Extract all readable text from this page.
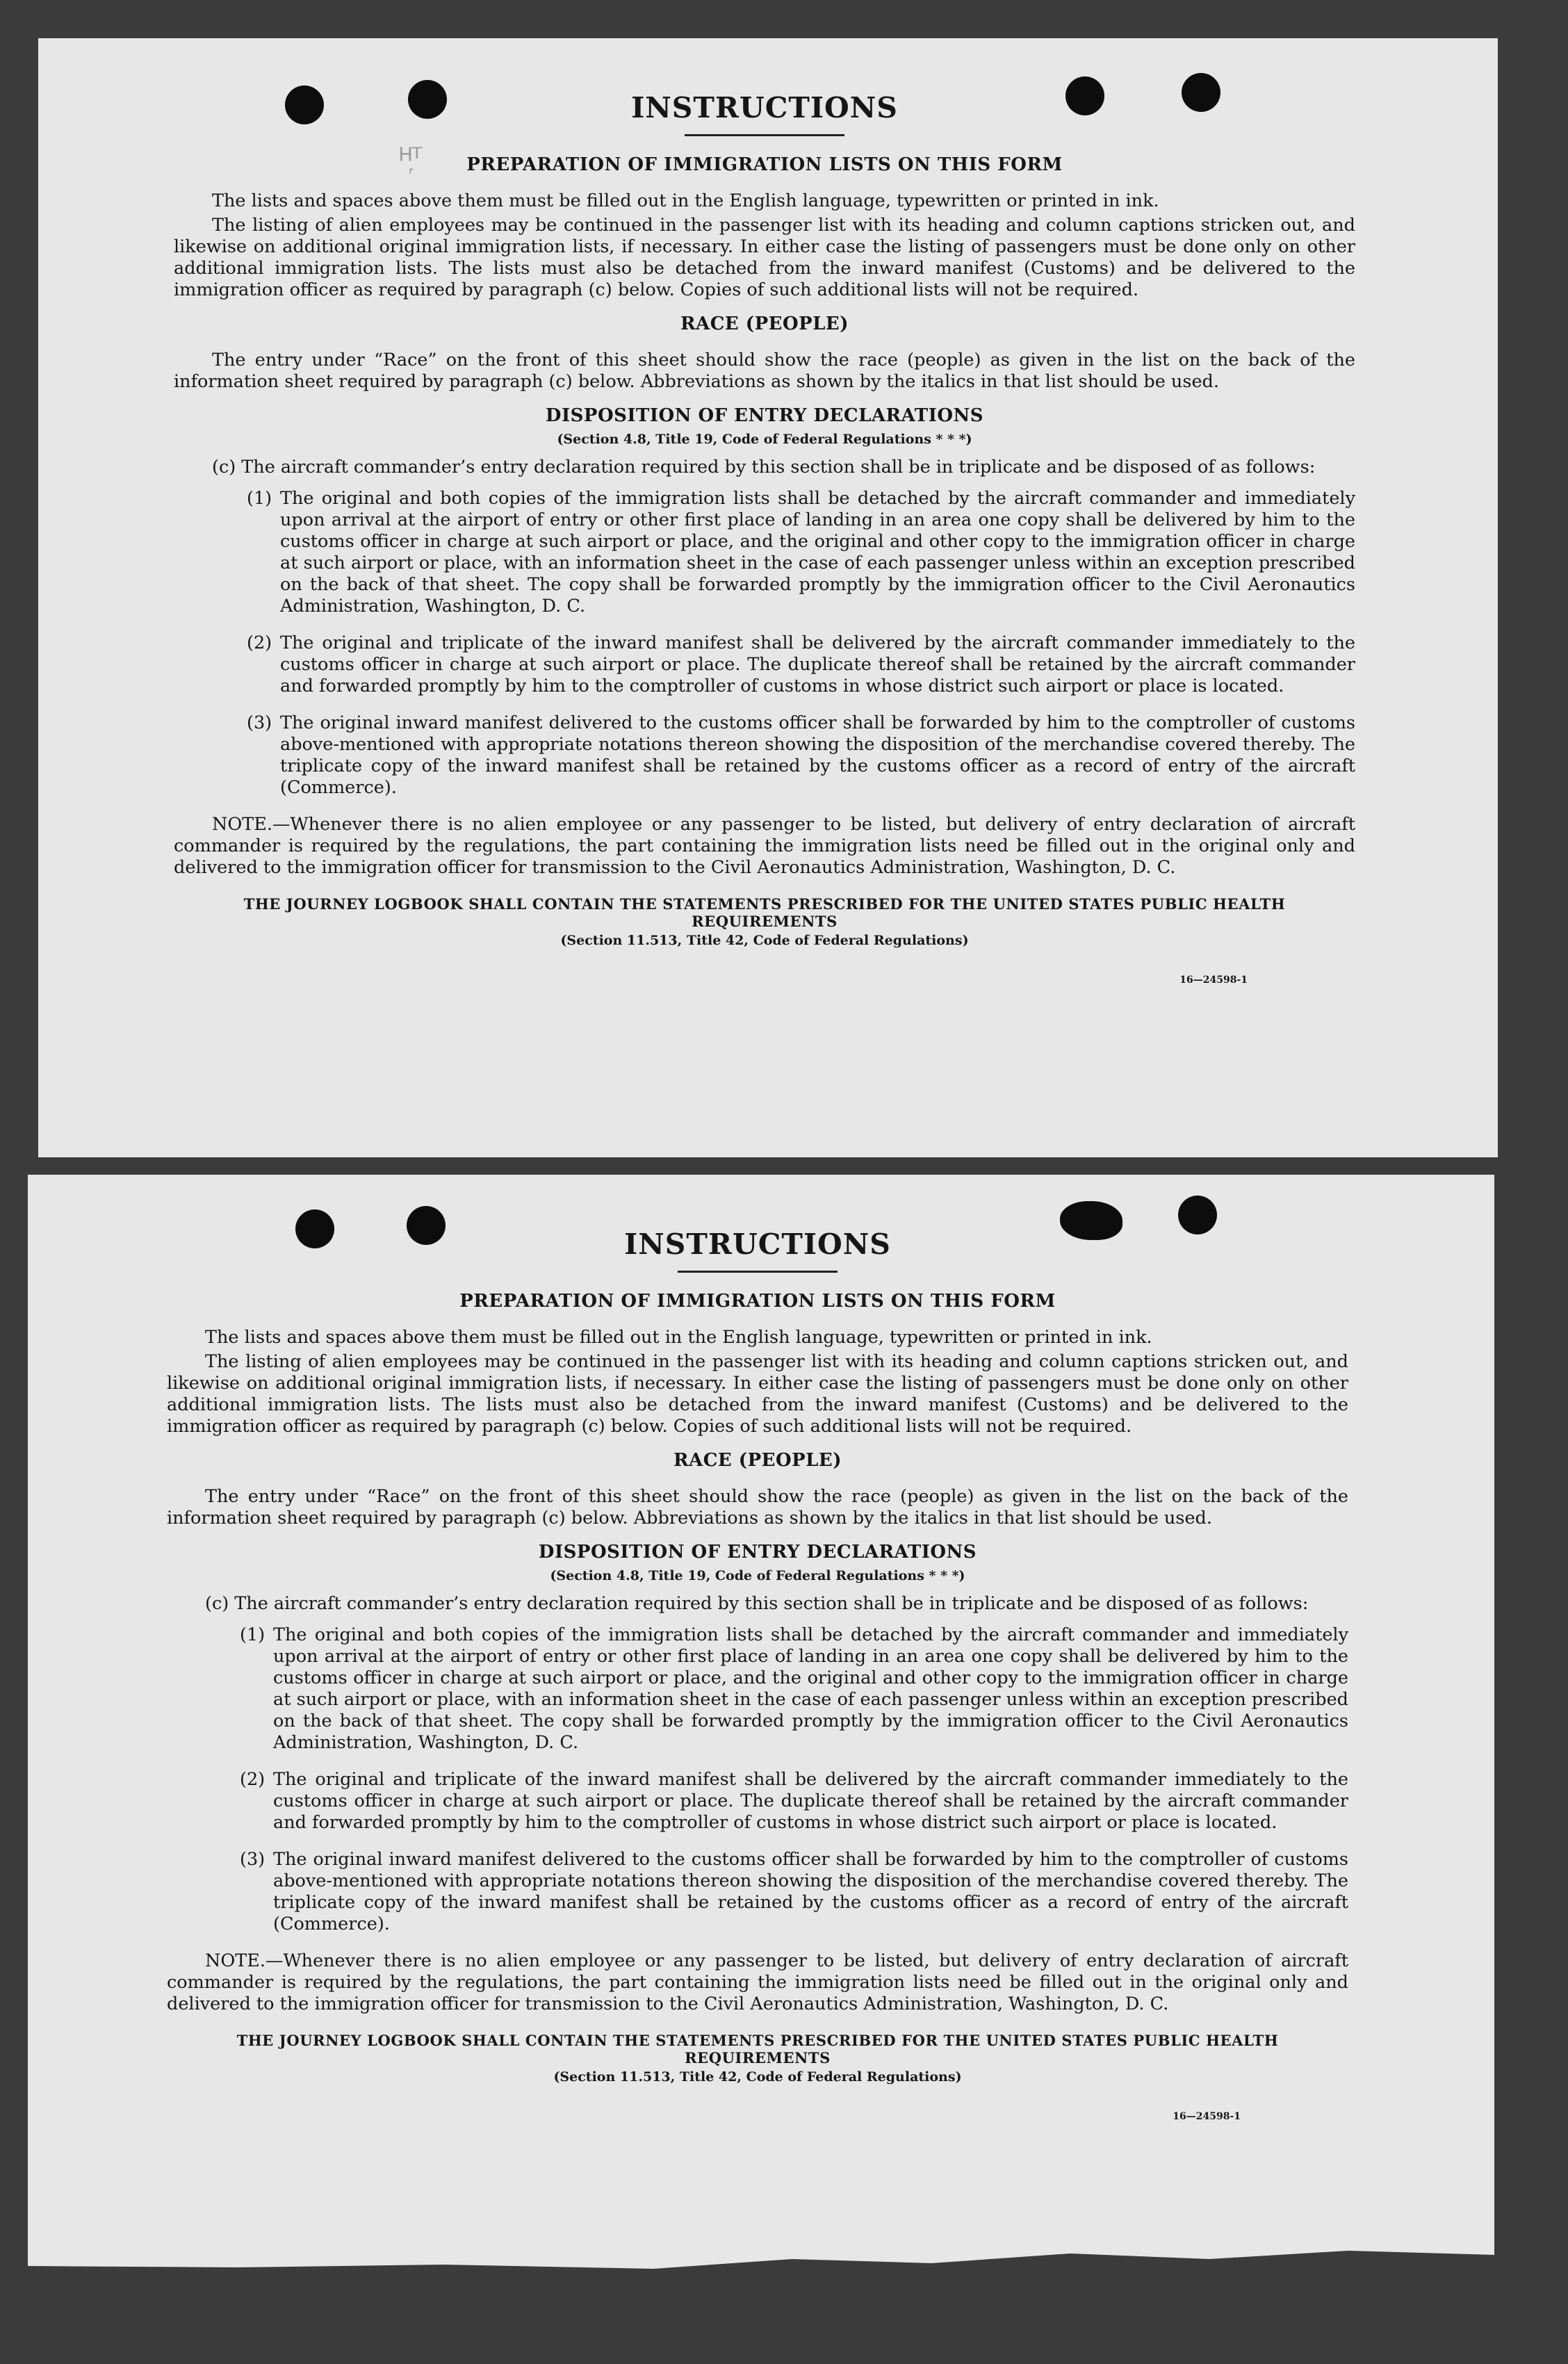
ᴴ᷊ᵀ
INSTRUCTIONS
PREPARATION OF IMMIGRATION LISTS ON THIS FORM

The lists and spaces above them must be filled out in the English language, typewritten or printed in ink.

The listing of alien employees may be continued in the passenger list with its heading and column captions stricken out, and likewise on additional original immigration lists, if necessary. In either case the listing of passengers must be done only on other additional immigration lists. The lists must also be detached from the inward manifest (Customs) and be delivered to the immigration officer as required by paragraph (c) below. Copies of such additional lists will not be required.

RACE (PEOPLE)

The entry under “Race” on the front of this sheet should show the race (people) as given in the list on the back of the information sheet required by paragraph (c) below. Abbreviations as shown by the italics in that list should be used.

DISPOSITION OF ENTRY DECLARATIONS
(Section 4.8, Title 19, Code of Federal Regulations * * *)

(c) The aircraft commander’s entry declaration required by this section shall be in triplicate and be disposed of as follows:

(1) The original and both copies of the immigration lists shall be detached by the aircraft commander and immediately upon arrival at the airport of entry or other first place of landing in an area one copy shall be delivered by him to the customs officer in charge at such airport or place, and the original and other copy to the immigration officer in charge at such airport or place, with an information sheet in the case of each passenger unless within an exception prescribed on the back of that sheet. The copy shall be forwarded promptly by the immigration officer to the Civil Aeronautics Administration, Washington, D. C.
(2) The original and triplicate of the inward manifest shall be delivered by the aircraft commander immediately to the customs officer in charge at such airport or place. The duplicate thereof shall be retained by the aircraft commander and forwarded promptly by him to the comptroller of customs in whose district such airport or place is located.
(3) The original inward manifest delivered to the customs officer shall be forwarded by him to the comptroller of customs above-mentioned with appropriate notations thereon showing the disposition of the merchandise covered thereby. The triplicate copy of the inward manifest shall be retained by the customs officer as a record of entry of the aircraft (Commerce).

NOTE.—Whenever there is no alien employee or any passenger to be listed, but delivery of entry declaration of aircraft commander is required by the regulations, the part containing the immigration lists need be filled out in the original only and delivered to the immigration officer for transmission to the Civil Aeronautics Administration, Washington, D. C.

THE JOURNEY LOGBOOK SHALL CONTAIN THE STATEMENTS PRESCRIBED FOR THE UNITED STATES PUBLIC HEALTH REQUIREMENTS
(Section 11.513, Title 42, Code of Federal Regulations)
16—24598-1
INSTRUCTIONS
PREPARATION OF IMMIGRATION LISTS ON THIS FORM

The lists and spaces above them must be filled out in the English language, typewritten or printed in ink.

The listing of alien employees may be continued in the passenger list with its heading and column captions stricken out, and likewise on additional original immigration lists, if necessary. In either case the listing of passengers must be done only on other additional immigration lists. The lists must also be detached from the inward manifest (Customs) and be delivered to the immigration officer as required by paragraph (c) below. Copies of such additional lists will not be required.

RACE (PEOPLE)

The entry under “Race” on the front of this sheet should show the race (people) as given in the list on the back of the information sheet required by paragraph (c) below. Abbreviations as shown by the italics in that list should be used.

DISPOSITION OF ENTRY DECLARATIONS
(Section 4.8, Title 19, Code of Federal Regulations * * *)

(c) The aircraft commander’s entry declaration required by this section shall be in triplicate and be disposed of as follows:

(1) The original and both copies of the immigration lists shall be detached by the aircraft commander and immediately upon arrival at the airport of entry or other first place of landing in an area one copy shall be delivered by him to the customs officer in charge at such airport or place, and the original and other copy to the immigration officer in charge at such airport or place, with an information sheet in the case of each passenger unless within an exception prescribed on the back of that sheet. The copy shall be forwarded promptly by the immigration officer to the Civil Aeronautics Administration, Washington, D. C.
(2) The original and triplicate of the inward manifest shall be delivered by the aircraft commander immediately to the customs officer in charge at such airport or place. The duplicate thereof shall be retained by the aircraft commander and forwarded promptly by him to the comptroller of customs in whose district such airport or place is located.
(3) The original inward manifest delivered to the customs officer shall be forwarded by him to the comptroller of customs above-mentioned with appropriate notations thereon showing the disposition of the merchandise covered thereby. The triplicate copy of the inward manifest shall be retained by the customs officer as a record of entry of the aircraft (Commerce).

NOTE.—Whenever there is no alien employee or any passenger to be listed, but delivery of entry declaration of aircraft commander is required by the regulations, the part containing the immigration lists need be filled out in the original only and delivered to the immigration officer for transmission to the Civil Aeronautics Administration, Washington, D. C.

THE JOURNEY LOGBOOK SHALL CONTAIN THE STATEMENTS PRESCRIBED FOR THE UNITED STATES PUBLIC HEALTH REQUIREMENTS
(Section 11.513, Title 42, Code of Federal Regulations)
16—24598-1
